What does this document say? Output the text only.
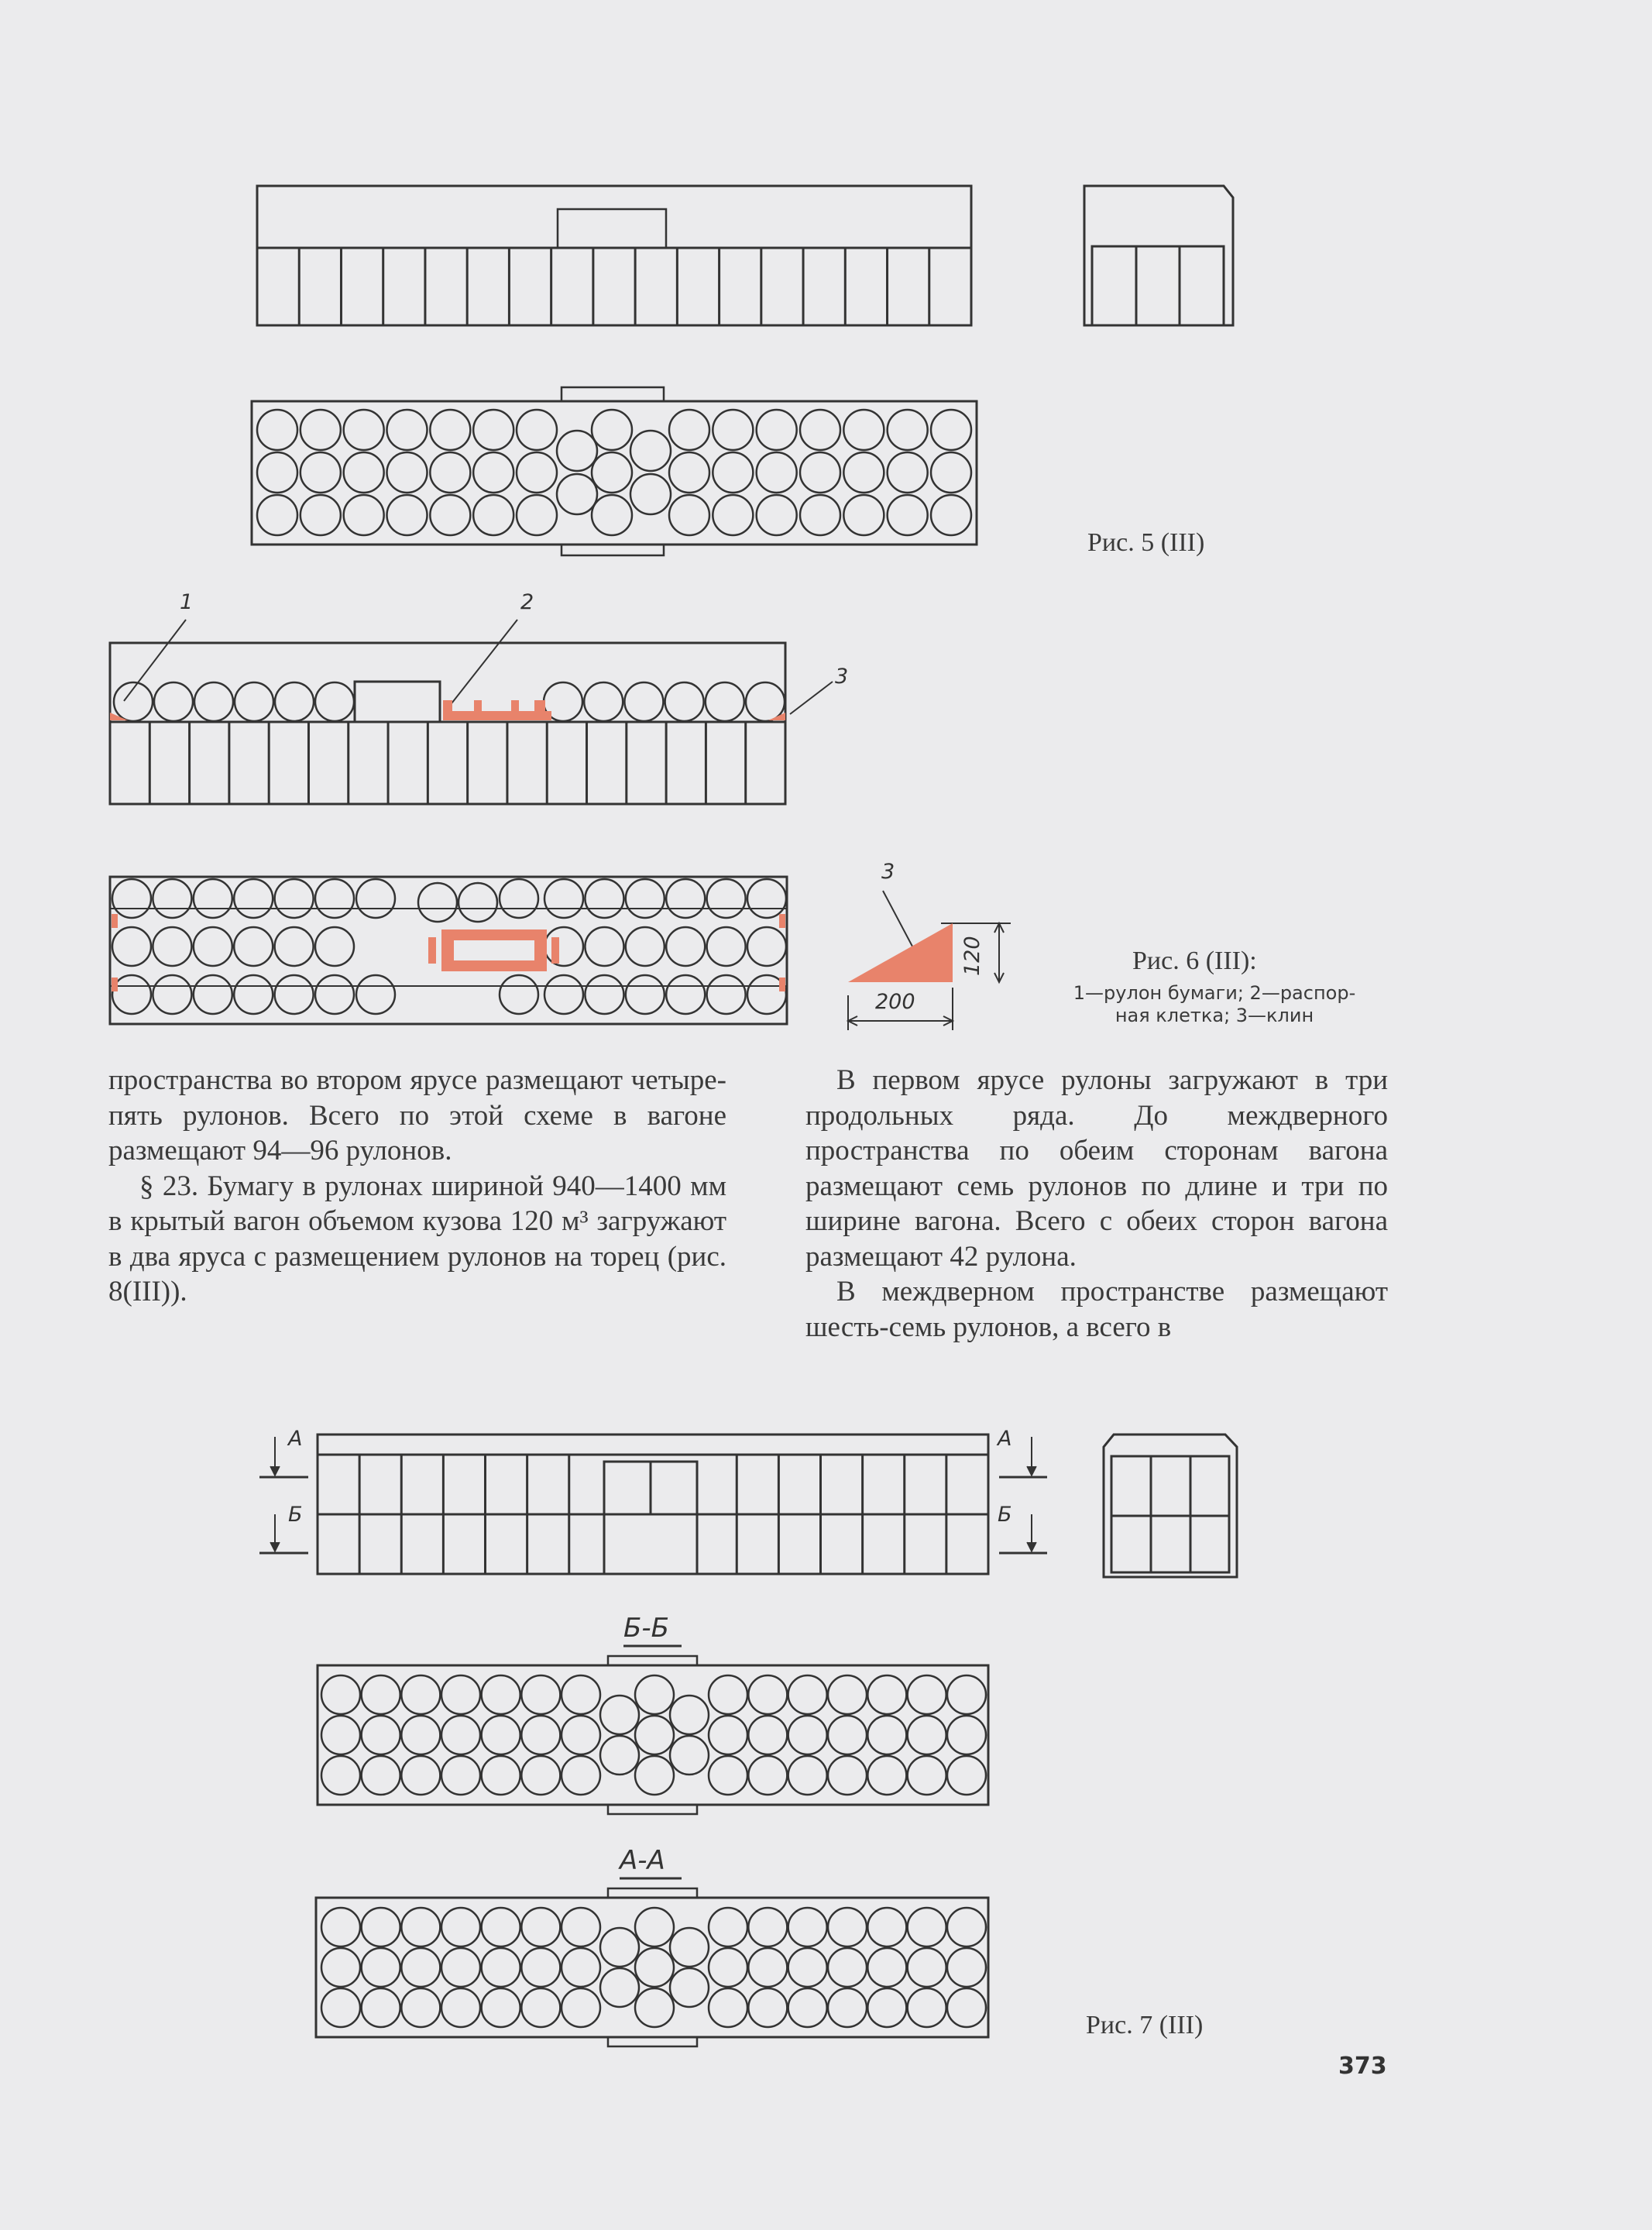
Рис. 5 (III)
1	2
3
3
200
120	Рис. 6 (III):
1—рулон бумаги; 2—распор-
ная клетка; 3—клин

пространства во втором ярусе размещают четыре-пять рулонов. Всего по этой схеме в вагоне размещают 94—96 рулонов.

§ 23. Бумагу в рулонах шириной 940—1400 мм в крытый вагон объемом кузова 120 м³ загружают в два яруса с размещением рулонов на торец (рис. 8(III)).

В первом ярусе рулоны загружают в три продольных ряда. До междверного пространства по обеим сторонам вагона размещают семь рулонов по длине и три по ширине вагона. Всего с обеих сторон вагона размещают 42 рулона.

В междверном пространстве размещают шесть-семь рулонов, а всего в

А
Б
А
Б
Б-Б
А-А
Рис. 7 (III)
373
